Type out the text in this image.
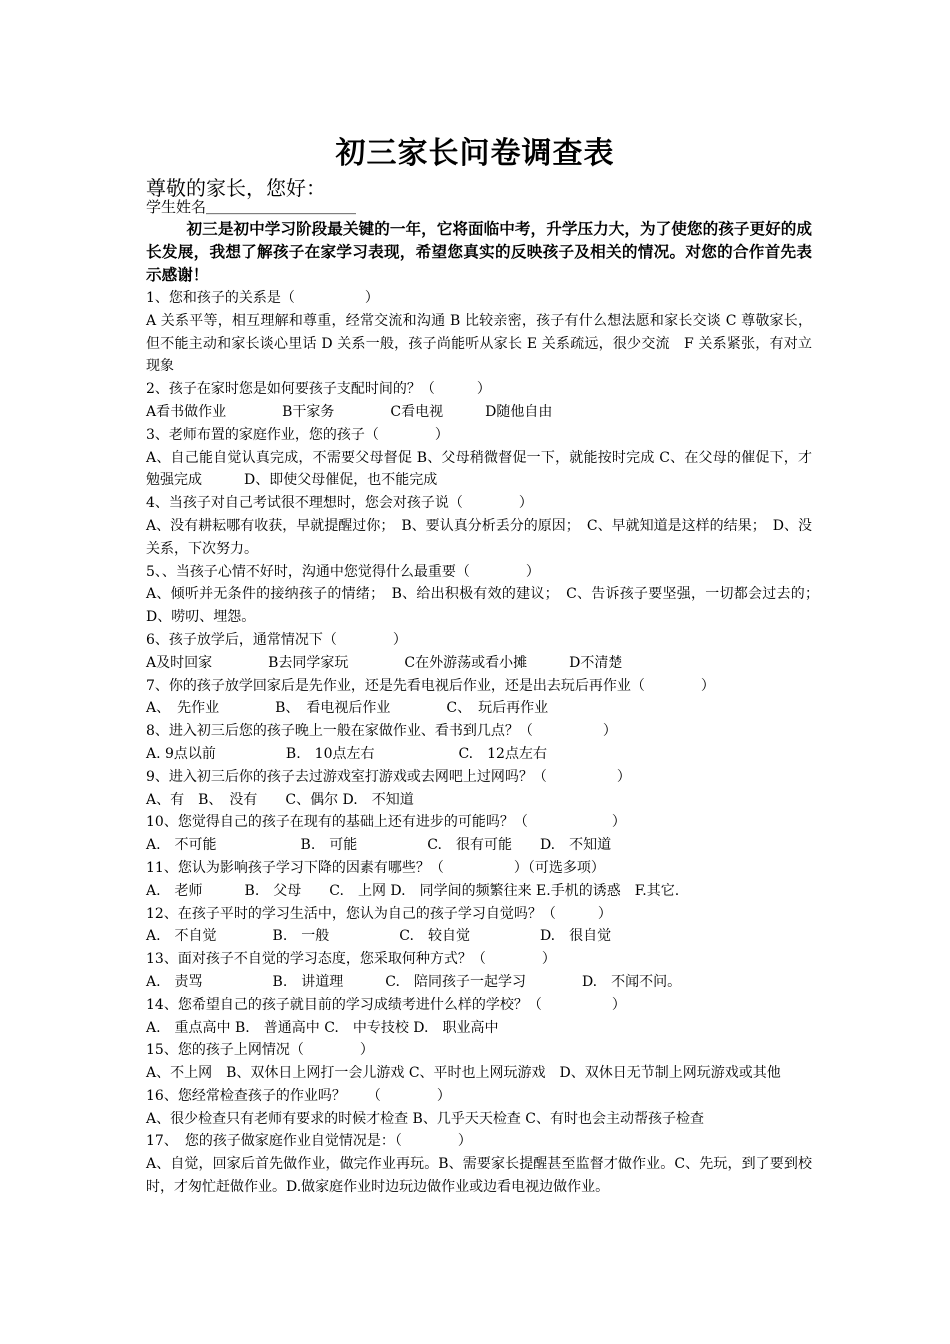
初三家长问卷调查表
尊敬的家长，您好：
学生姓名＿＿＿＿＿＿＿＿＿＿
初三是初中学习阶段最关键的一年，它将面临中考，升学压力大，为了使您的孩子更好的成长发展，我想了解孩子在家学习表现，希望您真实的反映孩子及相关的情况。对您的合作首先表示感谢！
1、您和孩子的关系是（　　　　　）
A 关系平等，相互理解和尊重，经常交流和沟通 B 比较亲密，孩子有什么想法愿和家长交谈 C 尊敬家长，但不能主动和家长谈心里话 D 关系一般，孩子尚能听从家长 E 关系疏远，很少交流　F 关系紧张，有对立现象
2、孩子在家时您是如何要孩子支配时间的？（　　　）
A看书做作业　　　　B干家务　　　　C看电视　　　D随他自由
3、老师布置的家庭作业，您的孩子（　　　　）
A、自己能自觉认真完成，不需要父母督促 B、父母稍微督促一下，就能按时完成 C、在父母的催促下，才勉强完成　　　D、即使父母催促，也不能完成
4、当孩子对自己考试很不理想时，您会对孩子说（　　　　）
A、没有耕耘哪有收获，早就提醒过你；　B、要认真分析丢分的原因；　C、早就知道是这样的结果；　D、没关系，下次努力。
5、、当孩子心情不好时，沟通中您觉得什么最重要（　　　　）
A、倾听并无条件的接纳孩子的情绪；　B、给出积极有效的建议；　C、告诉孩子要坚强，一切都会过去的；　D、唠叨、埋怨。
6、孩子放学后，通常情况下（　　　　）
A及时回家　　　　B去同学家玩　　　　C在外游荡或看小摊　　　D不清楚
7、你的孩子放学回家后是先作业，还是先看电视后作业，还是出去玩后再作业（　　　　）
A、　先作业　　　　B、　看电视后作业　　　　C、　玩后再作业
8、进入初三后您的孩子晚上一般在家做作业、看书到几点？（　　　　　）
A. 9点以前　　　　　B.　10点左右　　　　　　C.　12点左右
9、进入初三后你的孩子去过游戏室打游戏或去网吧上过网吗？（　　　　　）
A、有　B、　没有　　C、偶尔 D.　不知道
10、您觉得自己的孩子在现有的基础上还有进步的可能吗？（　　　　　　）
A.　不可能　　　　　　B.　可能　　　　　C.　很有可能　　D.　不知道
11、您认为影响孩子学习下降的因素有哪些？（　　　　　）（可选多项）
A.　老师　　　B.　父母　　C.　上网 D.　同学间的频繁往来 E.手机的诱惑　F.其它.
12、在孩子平时的学习生活中，您认为自己的孩子学习自觉吗？（　　　）
A.　不自觉　　　　B.　一般　　　　　C.　较自觉　　　　　D.　很自觉
13、面对孩子不自觉的学习态度，您采取何种方式？（　　　　）
A.　责骂　　　　　B.　讲道理　　　C.　陪同孩子一起学习　　　　D.　不闻不问。
14、您希望自己的孩子就目前的学习成绩考进什么样的学校？（　　　　　）
A.　重点高中 B.　普通高中 C.　中专技校 D.　职业高中
15、您的孩子上网情况（　　　　）
A、不上网　B、双休日上网打一会儿游戏 C、平时也上网玩游戏　D、双休日无节制上网玩游戏或其他
16、您经常检查孩子的作业吗？　　（　　　　）
A、很少检查只有老师有要求的时候才检查 B、几乎天天检查 C、有时也会主动帮孩子检查
17、　您的孩子做家庭作业自觉情况是：（　　　　）
A、自觉，回家后首先做作业，做完作业再玩。B、需要家长提醒甚至监督才做作业。C、先玩，到了要到校时，才匆忙赶做作业。D.做家庭作业时边玩边做作业或边看电视边做作业。
